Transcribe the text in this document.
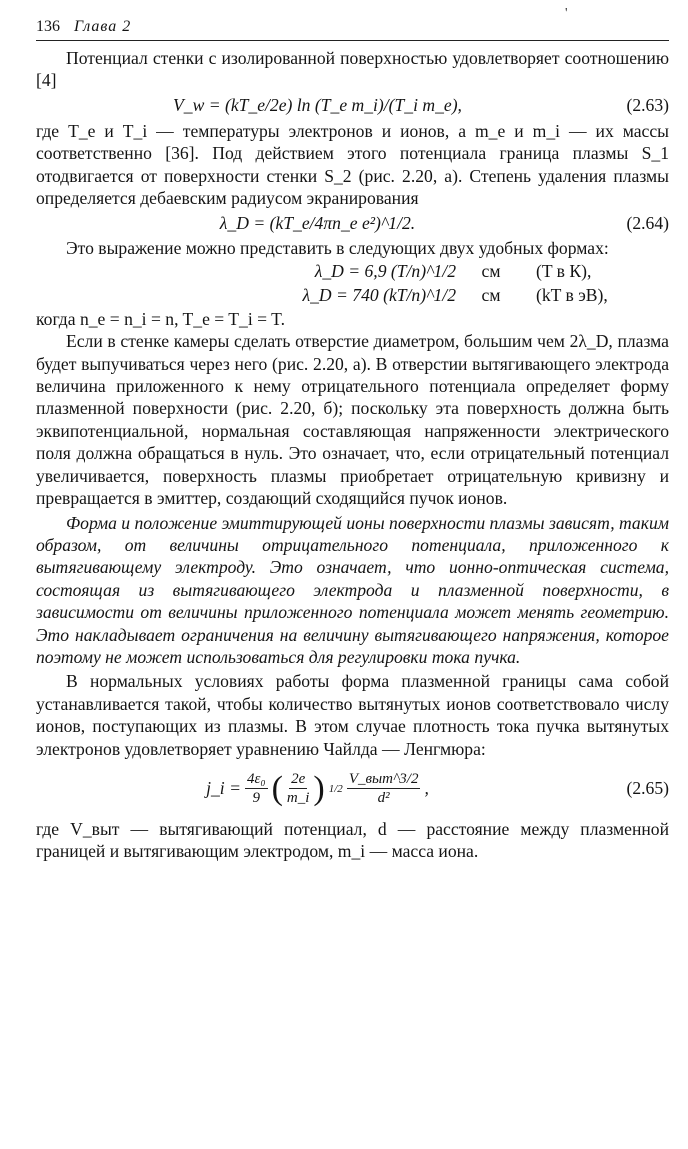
'
136 Глава 2

Потенциал стенки с изолированной поверхностью удовлетворяет соотношению [4]

V_w = (kT_e/2e) ln (T_e m_i)/(T_i m_e),	(2.63)

где T_e и T_i — температуры электронов и ионов, а m_e и m_i — их массы соответственно [36]. Под действием этого потенциала граница плазмы S_1 отодвигается от поверхности стенки S_2 (рис. 2.20, а). Степень удаления плазмы определяется дебаевским радиусом экранирования

λ_D = (kT_e/4πn_e e²)^1/2.	(2.64)

Это выражение можно представить в следующих двух удобных формах:

λ_D = 6,9 (T/n)^1/2	см	(T в К),
λ_D = 740 (kT/n)^1/2	см	(kT в эВ),

когда n_e = n_i = n, T_e = T_i = T.

Если в стенке камеры сделать отверстие диаметром, большим чем 2λ_D, плазма будет выпучиваться через него (рис. 2.20, а). В отверстии вытягивающего электрода величина приложенного к нему отрицательного потенциала определяет форму плазменной поверхности (рис. 2.20, б); поскольку эта поверхность должна быть эквипотенциальной, нормальная составляющая напряженности электрического поля должна обращаться в нуль. Это означает, что, если отрицательный потенциал увеличивается, поверхность плазмы приобретает отрицательную кривизну и превращается в эмиттер, создающий сходящийся пучок ионов.

Форма и положение эмиттирующей ионы поверхности плазмы зависят, таким образом, от величины отрицательного потенциала, приложенного к вытягивающему электроду. Это означает, что ионно-оптическая система, состоящая из вытягивающего электрода и плазменной поверхности, в зависимости от величины приложенного потенциала может менять геометрию. Это накладывает ограничения на величину вытягивающего напряжения, которое поэтому не может использоваться для регулировки тока пучка.

В нормальных условиях работы форма плазменной границы сама собой устанавливается такой, чтобы количество вытянутых ионов соответствовало числу ионов, поступающих из плазмы. В этом случае плотность тока пучка вытянутых электронов удовлетворяет уравнению Чайлда — Ленгмюра:

j_i = $\frac{\text{4ε₀}}{9}$ ( $\frac{2e}{m\_i}$ ) $1/2 \frac{\text{V\_выт\textasciicircum{}3/2}}{\text{d²}}$ ,	(2.65)

где V_выт — вытягивающий потенциал, d — расстояние между плазменной границей и вытягивающим электродом, m_i — масса иона.
